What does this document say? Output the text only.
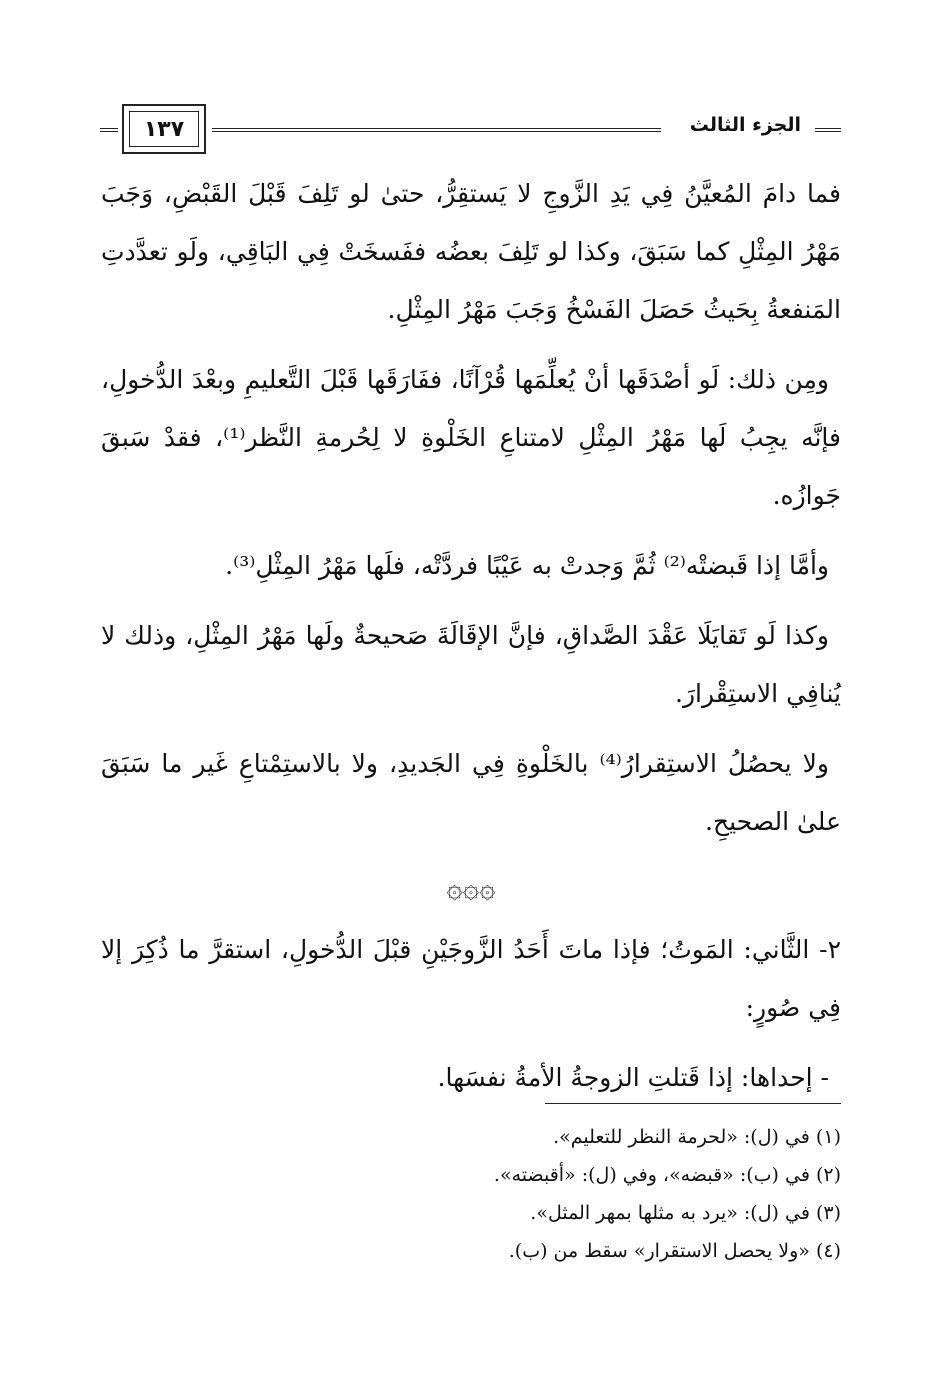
الجزء الثالث
١٣٧

فما دامَ المُعيَّنُ فِي يَدِ الزَّوجِ لا يَستقِرُّ، حتىٰ لو تَلِفَ قَبْلَ القَبْضِ، وَجَبَ مَهْرُ المِثْلِ كما سَبَقَ، وكذا لو تَلِفَ بعضُه ففَسخَتْ فِي البَاقِي، ولَو تعدَّدتِ المَنفعةُ بِحَيثُ حَصَلَ الفَسْخُ وَجَبَ مَهْرُ المِثْلِ.

ومِن ذلك: لَو أصْدَقَها أنْ يُعلِّمَها قُرْآنًا، ففَارَقَها قَبْلَ التَّعليمِ وبعْدَ الدُّخولِ، فإنَّه يجِبُ لَها مَهْرُ المِثْلِ لامتناعِ الخَلْوةِ لا لِحُرمةِ النَّظر⁽¹⁾، فقدْ سَبقَ جَوازُه.

وأمَّا إذا قَبضتْه⁽²⁾ ثُمَّ وَجدتْ به عَيْبًا فردَّتْه، فلَها مَهْرُ المِثْلِ⁽³⁾.

وكذا لَو تَقايَلَا عَقْدَ الصَّداقِ، فإنَّ الإقَالَةَ صَحيحةٌ ولَها مَهْرُ المِثْلِ، وذلك لا يُنافِي الاستِقْرارَ.

ولا يحصُلُ الاستِقرارُ⁽⁴⁾ بالخَلْوةِ فِي الجَديدِ، ولا بالاستِمْتاعِ غَير ما سَبَقَ علىٰ الصحيحِ.

۞۞۞

٢- الثَّاني: المَوتُ؛ فإذا ماتَ أَحَدُ الزَّوجَيْنِ قبْلَ الدُّخولِ، استقرَّ ما ذُكِرَ إلا فِي صُورٍ:

- إحداها: إذا قَتلتِ الزوجةُ الأمةُ نفسَها.

(١) في (ل): «لحرمة النظر للتعليم».
(٢) في (ب): «قبضه»، وفي (ل): «أقبضته».
(٣) في (ل): «يرد به مثلها بمهر المثل».
(٤) «ولا يحصل الاستقرار» سقط من (ب).
